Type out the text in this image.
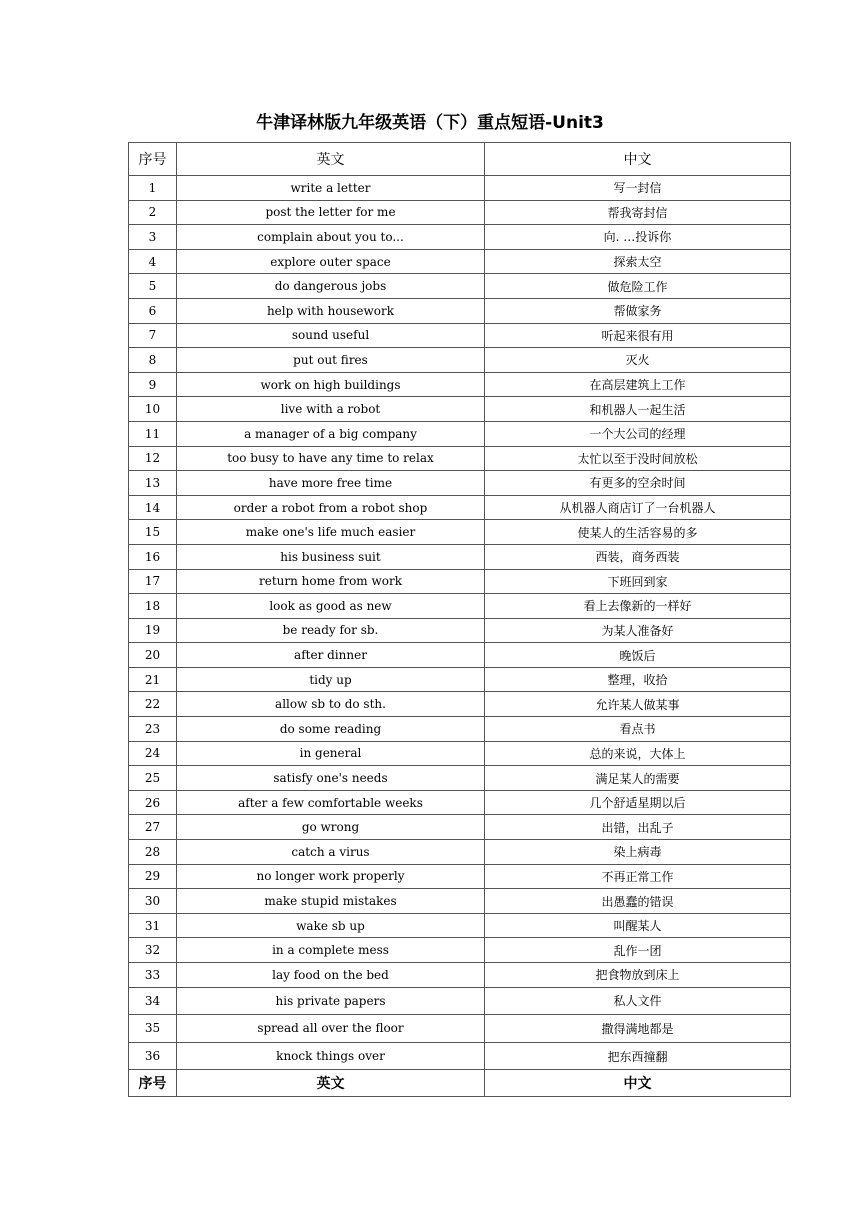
牛津译林版九年级英语（下）重点短语-Unit3
序号	英文	中文
1	write a letter	写一封信
2	post the letter for me	帮我寄封信
3	complain about you to...	向. …投诉你
4	explore outer space	探索太空
5	do dangerous jobs	做危险工作
6	help with housework	帮做家务
7	sound useful	听起来很有用
8	put out fires	灭火
9	work on high buildings	在高层建筑上工作
10	live with a robot	和机器人一起生活
11	a manager of a big company	一个大公司的经理
12	too busy to have any time to relax	太忙以至于没时间放松
13	have more free time	有更多的空余时间
14	order a robot from a robot shop	从机器人商店订了一台机器人
15	make one's life much easier	使某人的生活容易的多
16	his business suit	西装，商务西装
17	return home from work	下班回到家
18	look as good as new	看上去像新的一样好
19	be ready for sb.	为某人准备好
20	after dinner	晚饭后
21	tidy up	整理，收拾
22	allow sb to do sth.	允许某人做某事
23	do some reading	看点书
24	in general	总的来说，大体上
25	satisfy one's needs	满足某人的需要
26	after a few comfortable weeks	几个舒适星期以后
27	go wrong	出错，出乱子
28	catch a virus	染上病毒
29	no longer work properly	不再正常工作
30	make stupid mistakes	出愚蠢的错误
31	wake sb up	叫醒某人
32	in a complete mess	乱作一团
33	lay food on the bed	把食物放到床上
34	his private papers	私人文件
35	spread all over the floor	撒得满地都是
36	knock things over	把东西撞翻
序号	英文	中文
